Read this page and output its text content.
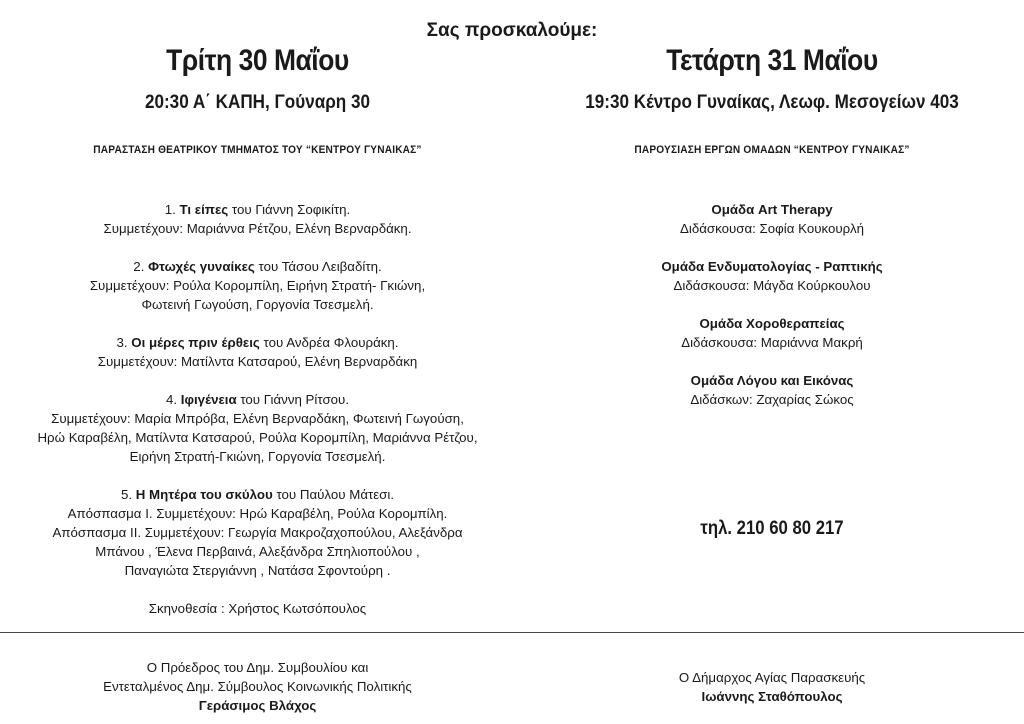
Σας προσκαλούμε:
Τρίτη 30 Μαΐου
20:30 Α΄ ΚΑΠΗ, Γούναρη 30
ΠΑΡΑΣΤΑΣΗ ΘΕΑΤΡΙΚΟΥ ΤΜΗΜΑΤΟΣ ΤΟΥ “ΚΕΝΤΡΟΥ ΓΥΝΑΙΚΑΣ”

1. Τι είπες του Γιάννη Σοφικίτη.

Συμμετέχουν: Μαριάννα Ρέτζου, Ελένη Βερναρδάκη.

2. Φτωχές γυναίκες του Τάσου Λειβαδίτη.

Συμμετέχουν: Ρούλα Κορομπίλη, Ειρήνη Στρατή- Γκιώνη,

Φωτεινή Γωγούση, Γοργονία Τσεσμελή.

3. Οι μέρες πριν έρθεις του Ανδρέα Φλουράκη.

Συμμετέχουν: Ματίλντα Κατσαρού, Ελένη Βερναρδάκη

4. Ιφιγένεια του Γιάννη Ρίτσου.

Συμμετέχουν: Μαρία Μπρόβα, Ελένη Βερναρδάκη, Φωτεινή Γωγούση,

Ηρώ Καραβέλη, Ματίλντα Κατσαρού, Ρούλα Κορομπίλη, Μαριάννα Ρέτζου,

Ειρήνη Στρατή-Γκιώνη, Γοργονία Τσεσμελή.

5. Η Μητέρα του σκύλου του Παύλου Μάτεσι.

Απόσπασμα Ι. Συμμετέχουν: Ηρώ Καραβέλη, Ρούλα Κορομπίλη.

Απόσπασμα ΙΙ. Συμμετέχουν: Γεωργία Μακροζαχοπούλου, Αλεξάνδρα

Μπάνου , Έλενα Περβαινά, Αλεξάνδρα Σπηλιοπούλου ,

Παναγιώτα Στεργιάννη , Νατάσα Σφοντούρη .

Σκηνοθεσία : Χρήστος Κωτσόπουλος

Τετάρτη 31 Μαΐου
19:30 Κέντρο Γυναίκας, Λεωφ. Μεσογείων 403
ΠΑΡΟΥΣΙΑΣΗ ΕΡΓΩΝ ΟΜΑΔΩΝ “ΚΕΝΤΡΟΥ ΓΥΝΑΙΚΑΣ”

Ομάδα Art Therapy

Διδάσκουσα: Σοφία Κουκουρλή

Ομάδα Ενδυματολογίας - Ραπτικής

Διδάσκουσα: Μάγδα Κούρκουλου

Ομάδα Χοροθεραπείας

Διδάσκουσα: Μαριάννα Μακρή

Ομάδα Λόγου και Εικόνας

Διδάσκων: Ζαχαρίας Σώκος

τηλ. 210 60 80 217

Ο Πρόεδρος του Δημ. Συμβουλίου και

Εντεταλμένος Δημ. Σύμβουλος Κοινωνικής Πολιτικής

Γεράσιμος Βλάχος

Ο Δήμαρχος Αγίας Παρασκευής

Ιωάννης Σταθόπουλος
